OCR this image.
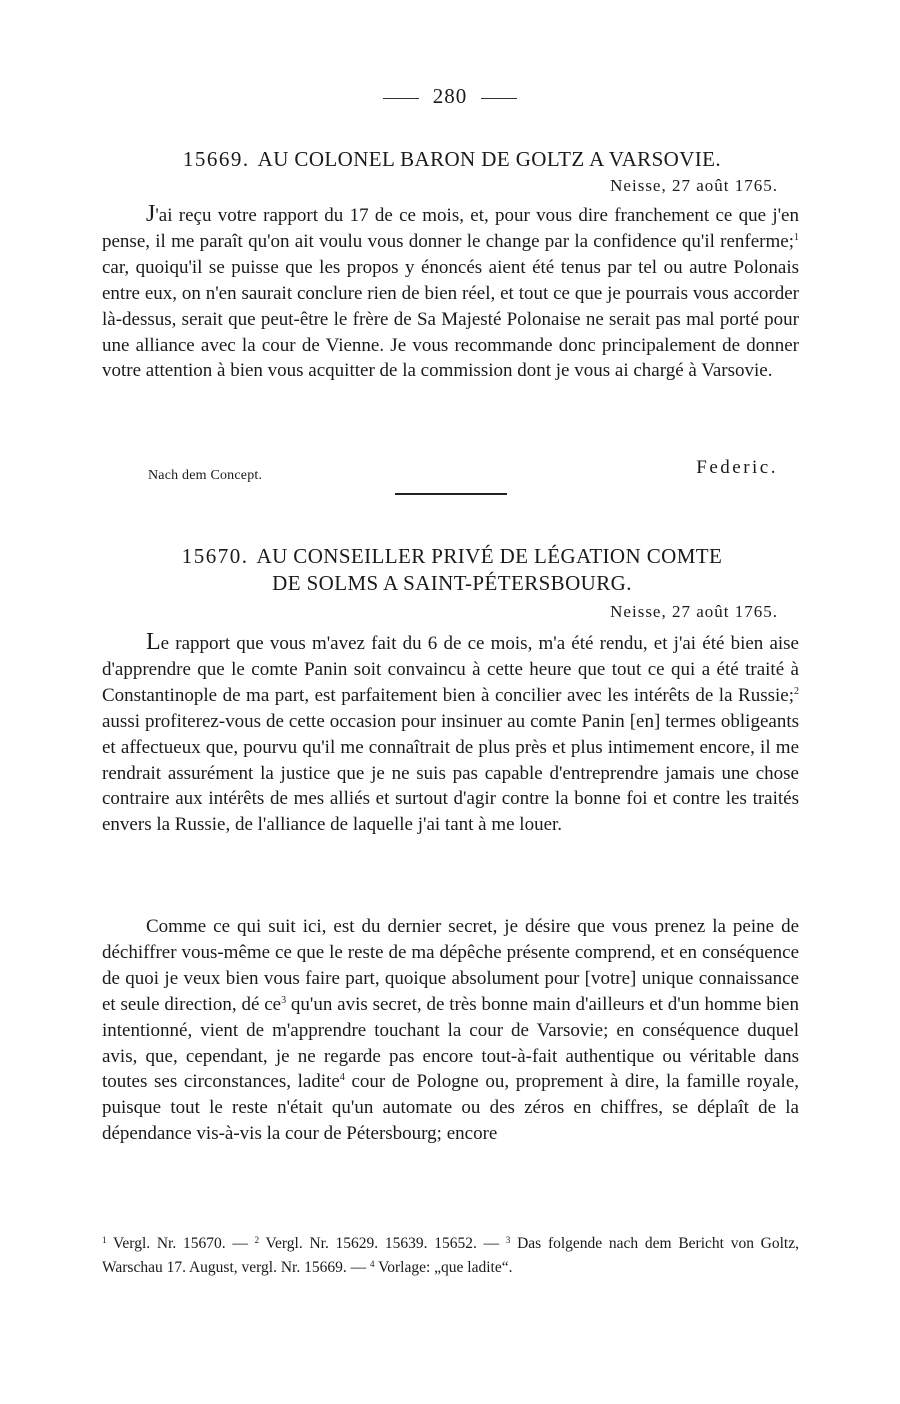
280
15669. AU COLONEL BARON DE GOLTZ A VARSOVIE.
Neisse, 27 août 1765.

J'ai reçu votre rapport du 17 de ce mois, et, pour vous dire franchement ce que j'en pense, il me paraît qu'on ait voulu vous donner le change par la confidence qu'il renferme;$^1$ car, quoiqu'il se puisse que les propos y énoncés aient été tenus par tel ou autre Polonais entre eux, on n'en saurait conclure rien de bien réel, et tout ce que je pourrais vous accorder là-dessus, serait que peut-être le frère de Sa Majesté Polonaise ne serait pas mal porté pour une alliance avec la cour de Vienne. Je vous recommande donc principalement de donner votre attention à bien vous acquitter de la commission dont je vous ai chargé à Varsovie.

Nach dem Concept.	Federic.
15670. AU CONSEILLER PRIVÉ DE LÉGATION COMTE
DE SOLMS A SAINT-PÉTERSBOURG.
Neisse, 27 août 1765.

Le rapport que vous m'avez fait du 6 de ce mois, m'a été rendu, et j'ai été bien aise d'apprendre que le comte Panin soit convaincu à cette heure que tout ce qui a été traité à Constantinople de ma part, est parfaitement bien à concilier avec les intérêts de la Russie;$^2$ aussi profiterez-vous de cette occasion pour insinuer au comte Panin [en] termes obligeants et affectueux que, pourvu qu'il me connaîtrait de plus près et plus intimement encore, il me rendrait assurément la justice que je ne suis pas capable d'entreprendre jamais une chose contraire aux intérêts de mes alliés et surtout d'agir contre la bonne foi et contre les traités envers la Russie, de l'alliance de laquelle j'ai tant à me louer.

Comme ce qui suit ici, est du dernier secret, je désire que vous prenez la peine de déchiffrer vous-même ce que le reste de ma dépêche présente comprend, et en conséquence de quoi je veux bien vous faire part, quoique absolument pour [votre] unique connaissance et seule direction, dé $ce^3$ qu'un avis secret, de très bonne main d'ailleurs et d'un homme bien intentionné, vient de m'apprendre touchant la cour de Varsovie; en conséquence duquel avis, que, cependant, je ne regarde pas encore tout-à-fait authentique ou véritable dans toutes ses circonstances, ladite$^4$ cour de Pologne ou, proprement à dire, la famille royale, puisque tout le reste n'était qu'un automate ou des zéros en chiffres, se déplaît de la dépendance vis-à-vis la cour de Pétersbourg; encore

$^1$ Vergl. Nr. 15670. — $^2$ Vergl. Nr. 15629. 15639. 15652. — $^3$ Das folgende nach dem Bericht von Goltz, Warschau 17. August, vergl. Nr. 15669. — $^4$ Vorlage: „que ladite“.
